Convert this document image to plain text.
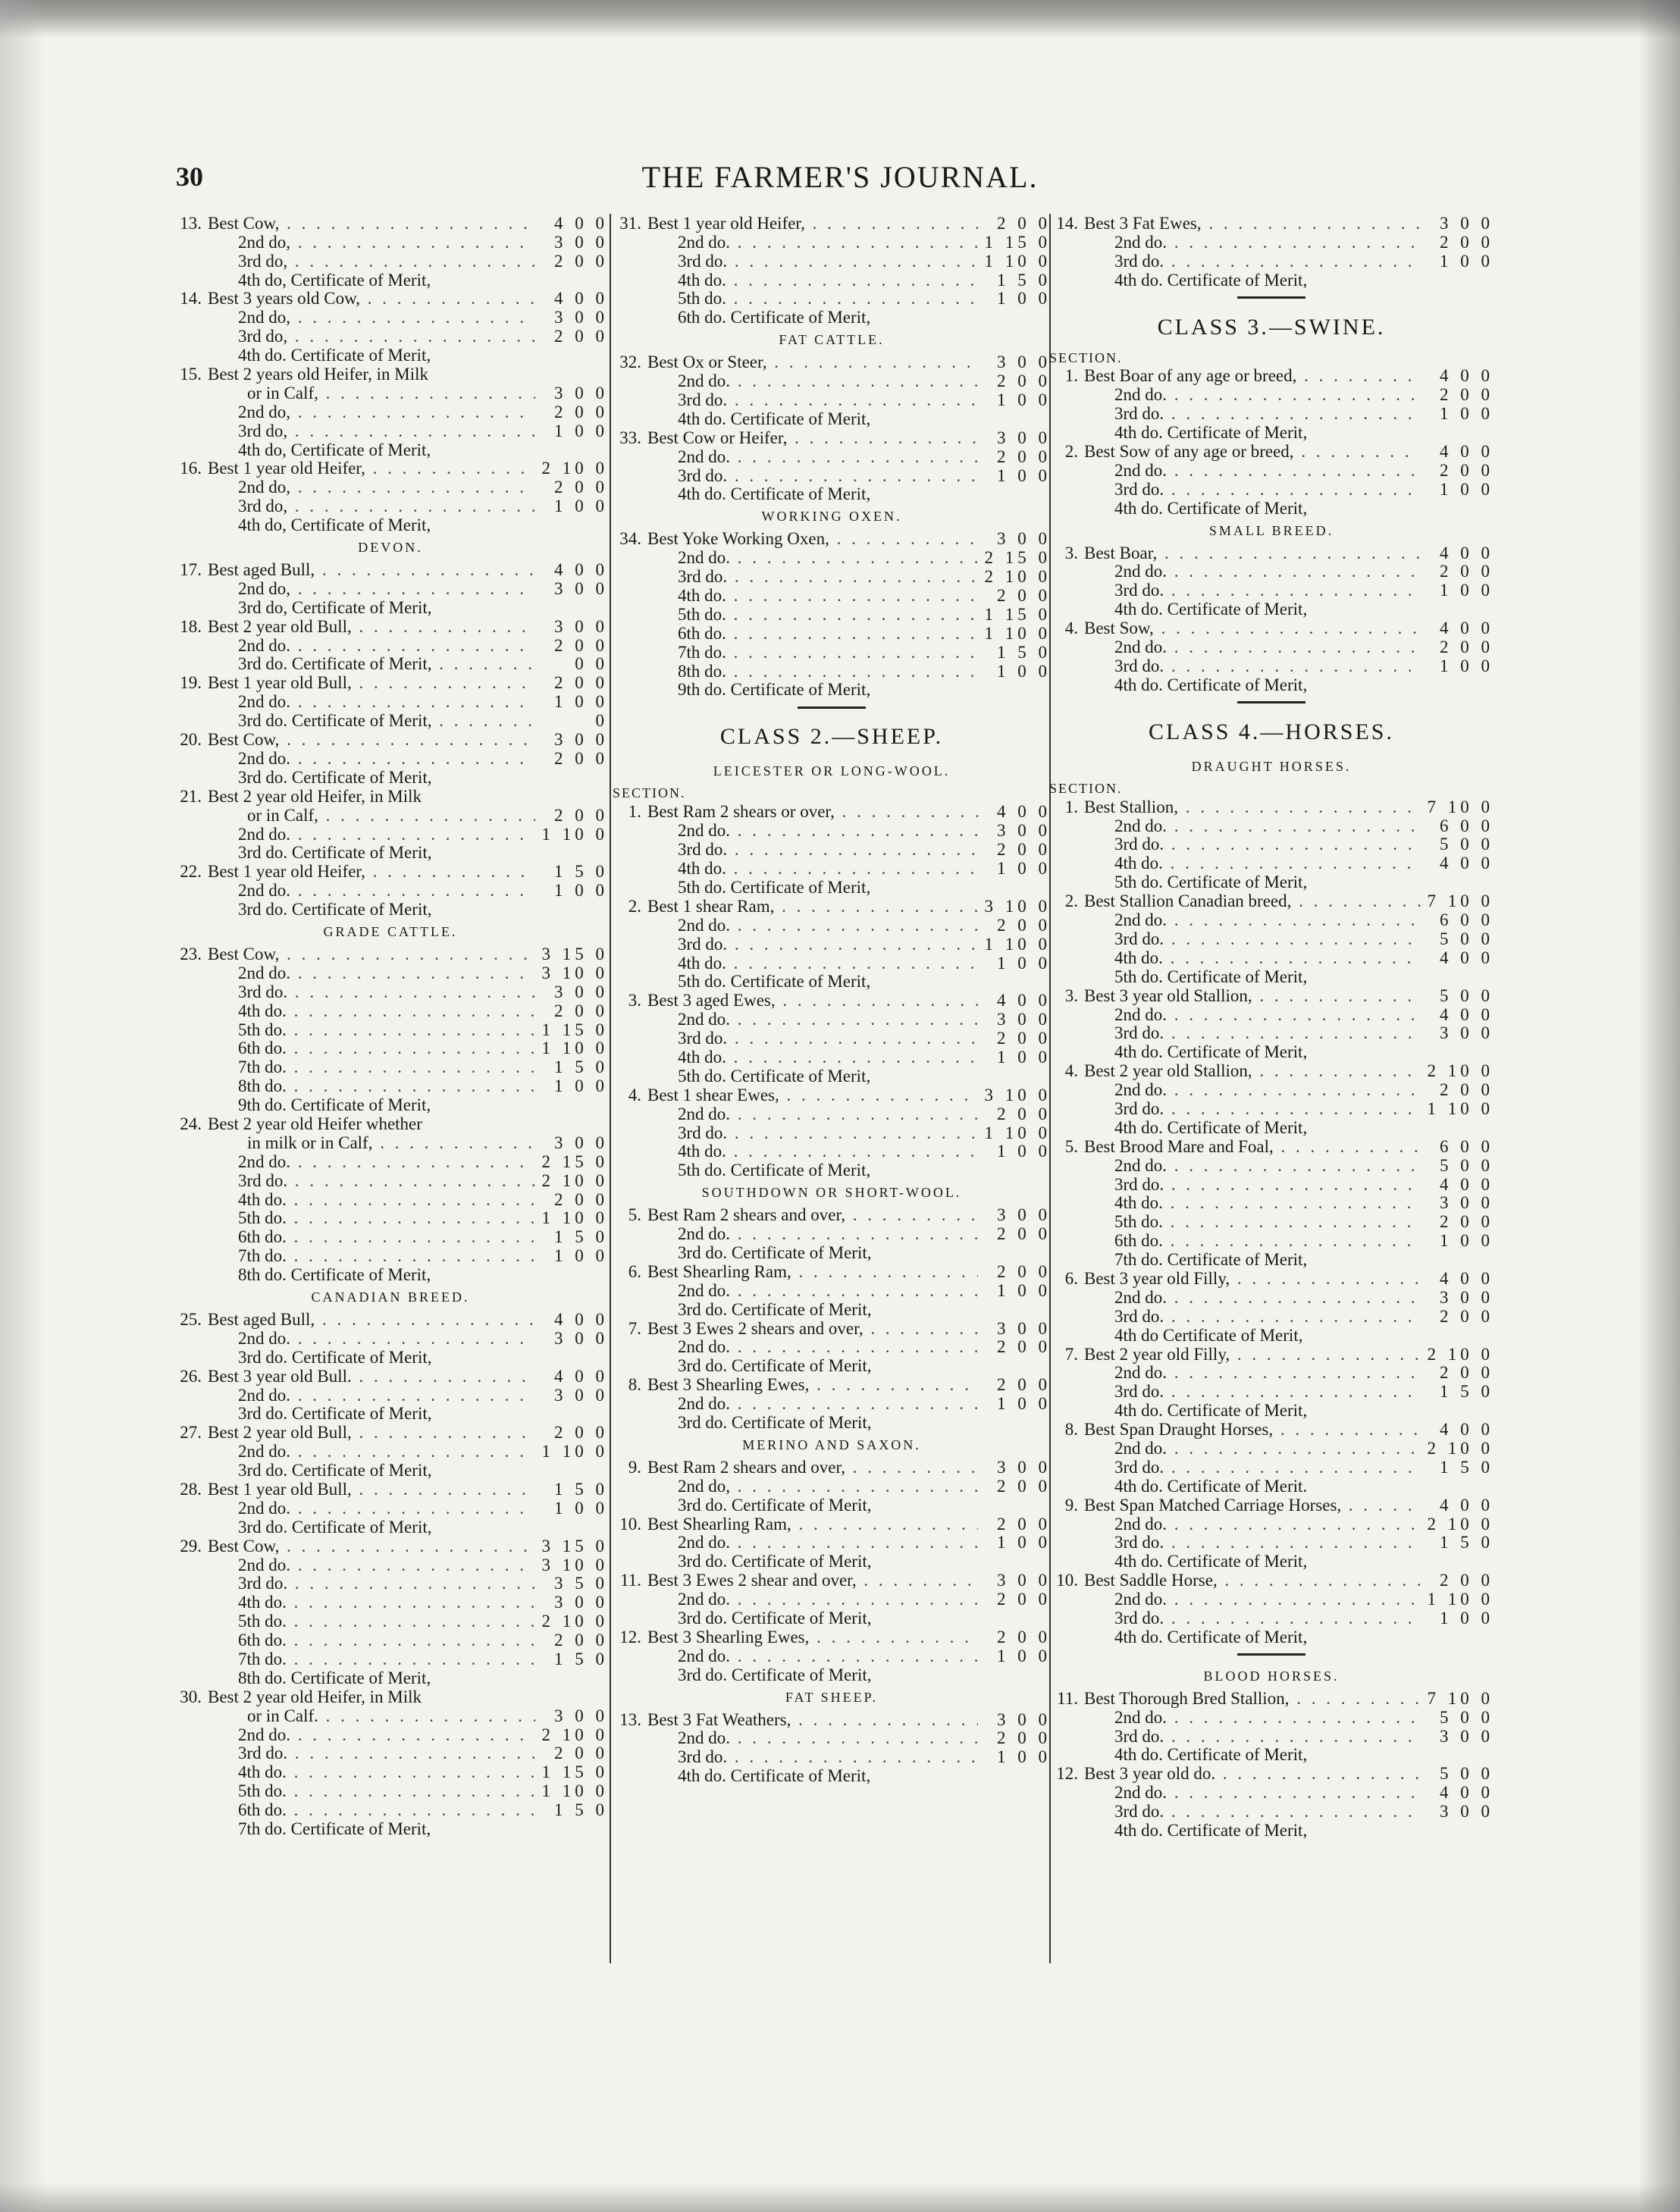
30	THE FARMER'S JOURNAL.
13. Best Cow, . . .	4 0 0
2nd do, . . .	3 0 0
3rd do, . . .	2 0 0
4th do, Certificate of Merit,
14. Best 3 years old Cow, . . .	4 0 0
2nd do, . . .	3 0 0
3rd do, . . .	2 0 0
4th do. Certificate of Merit,
15. Best 2 years old Heifer, in Milk
or in Calf, . . .	3 0 0
2nd do, . . .	2 0 0
3rd do, . . .	1 0 0
4th do, Certificate of Merit,
16. Best 1 year old Heifer, . . .	2 10 0
2nd do, . . .	2 0 0
3rd do, . . .	1 0 0
4th do, Certificate of Merit,
DEVON.
17. Best aged Bull, . . .	4 0 0
2nd do, . . .	3 0 0
3rd do, Certificate of Merit,
18. Best 2 year old Bull, . . .	3 0 0
2nd do. . . .	2 0 0
3rd do. Certificate of Merit, . . .	0 0
19. Best 1 year old Bull, . . .	2 0 0
2nd do. . . .	1 0 0
3rd do. Certificate of Merit, . . .	0
20. Best Cow, . . .	3 0 0
2nd do. . . .	2 0 0
3rd do. Certificate of Merit,
21. Best 2 year old Heifer, in Milk
or in Calf, . . .	2 0 0
2nd do. . . .	1 10 0
3rd do. Certificate of Merit,
22. Best 1 year old Heifer, . . .	1 5 0
2nd do. . . .	1 0 0
3rd do. Certificate of Merit,
GRADE CATTLE.
23. Best Cow, . . .	3 15 0
2nd do. . . .	3 10 0
3rd do. . . .	3 0 0
4th do. . . .	2 0 0
5th do. . . .	1 15 0
6th do. . . .	1 10 0
7th do. . . .	1 5 0
8th do. . . .	1 0 0
9th do. Certificate of Merit,
24. Best 2 year old Heifer whether
in milk or in Calf, . . .	3 0 0
2nd do. . . .	2 15 0
3rd do. . . .	2 10 0
4th do. . . .	2 0 0
5th do. . . .	1 10 0
6th do. . . .	1 5 0
7th do. . . .	1 0 0
8th do. Certificate of Merit,
CANADIAN BREED.
25. Best aged Bull, . . .	4 0 0
2nd do. . . .	3 0 0
3rd do. Certificate of Merit,
26. Best 3 year old Bull. . . .	4 0 0
2nd do. . . .	3 0 0
3rd do. Certificate of Merit,
27. Best 2 year old Bull, . . .	2 0 0
2nd do. . . .	1 10 0
3rd do. Certificate of Merit,
28. Best 1 year old Bull, . . .	1 5 0
2nd do. . . .	1 0 0
3rd do. Certificate of Merit,
29. Best Cow, . . .	3 15 0
2nd do. . . .	3 10 0
3rd do. . . .	3 5 0
4th do. . . .	3 0 0
5th do. . . .	2 10 0
6th do. . . .	2 0 0
7th do. . . .	1 5 0
8th do. Certificate of Merit,
30. Best 2 year old Heifer, in Milk
or in Calf. . . .	3 0 0
2nd do. . . .	2 10 0
3rd do. . . .	2 0 0
4th do. . . .	1 15 0
5th do. . . .	1 10 0
6th do. . . .	1 5 0
7th do. Certificate of Merit,
31. Best 1 year old Heifer, . . .	2 0 0
2nd do. . . .	1 15 0
3rd do. . . .	1 10 0
4th do. . . .	1 5 0
5th do. . . .	1 0 0
6th do. Certificate of Merit,
FAT CATTLE.
32. Best Ox or Steer, . . .	3 0 0
2nd do. . . .	2 0 0
3rd do. . . .	1 0 0
4th do. Certificate of Merit,
33. Best Cow or Heifer, . . .	3 0 0
2nd do. . . .	2 0 0
3rd do. . . .	1 0 0
4th do. Certificate of Merit,
WORKING OXEN.
34. Best Yoke Working Oxen, . . .	3 0 0
2nd do. . . .	2 15 0
3rd do. . . .	2 10 0
4th do. . . .	2 0 0
5th do. . . .	1 15 0
6th do. . . .	1 10 0
7th do. . . .	1 5 0
8th do. . . .	1 0 0
9th do. Certificate of Merit,
CLASS 2.—SHEEP.
LEICESTER OR LONG-WOOL.
SECTION.
1. Best Ram 2 shears or over, . . .	4 0 0
2nd do. . . .	3 0 0
3rd do. . . .	2 0 0
4th do. . . .	1 0 0
5th do. Certificate of Merit,
2. Best 1 shear Ram, . . .	3 10 0
2nd do. . . .	2 0 0
3rd do. . . .	1 10 0
4th do. . . .	1 0 0
5th do. Certificate of Merit,
3. Best 3 aged Ewes, . . .	4 0 0
2nd do. . . .	3 0 0
3rd do. . . .	2 0 0
4th do. . . .	1 0 0
5th do. Certificate of Merit,
4. Best 1 shear Ewes, . . .	3 10 0
2nd do. . . .	2 0 0
3rd do. . . .	1 10 0
4th do. . . .	1 0 0
5th do. Certificate of Merit,
SOUTHDOWN OR SHORT-WOOL.
5. Best Ram 2 shears and over, . . .	3 0 0
2nd do. . . .	2 0 0
3rd do. Certificate of Merit,
6. Best Shearling Ram, . . .	2 0 0
2nd do. . . .	1 0 0
3rd do. Certificate of Merit,
7. Best 3 Ewes 2 shears and over, . . .	3 0 0
2nd do. . . .	2 0 0
3rd do. Certificate of Merit,
8. Best 3 Shearling Ewes, . . .	2 0 0
2nd do. . . .	1 0 0
3rd do. Certificate of Merit,
MERINO AND SAXON.
9. Best Ram 2 shears and over, . . .	3 0 0
2nd do, . . .	2 0 0
3rd do. Certificate of Merit,
10. Best Shearling Ram, . . .	2 0 0
2nd do. . . .	1 0 0
3rd do. Certificate of Merit,
11. Best 3 Ewes 2 shear and over, . . .	3 0 0
2nd do. . . .	2 0 0
3rd do. Certificate of Merit,
12. Best 3 Shearling Ewes, . . .	2 0 0
2nd do. . . .	1 0 0
3rd do. Certificate of Merit,
FAT SHEEP.
13. Best 3 Fat Weathers, . . .	3 0 0
2nd do. . . .	2 0 0
3rd do. . . .	1 0 0
4th do. Certificate of Merit,
14. Best 3 Fat Ewes, . . .	3 0 0
2nd do. . . .	2 0 0
3rd do. . . .	1 0 0
4th do. Certificate of Merit,
CLASS 3.—SWINE.
SECTION.
1. Best Boar of any age or breed, . . .	4 0 0
2nd do. . . .	2 0 0
3rd do. . . .	1 0 0
4th do. Certificate of Merit,
2. Best Sow of any age or breed, . . .	4 0 0
2nd do. . . .	2 0 0
3rd do. . . .	1 0 0
4th do. Certificate of Merit,
SMALL BREED.
3. Best Boar, . . .	4 0 0
2nd do. . . .	2 0 0
3rd do. . . .	1 0 0
4th do. Certificate of Merit,
4. Best Sow, . . .	4 0 0
2nd do. . . .	2 0 0
3rd do. . . .	1 0 0
4th do. Certificate of Merit,
CLASS 4.—HORSES.
DRAUGHT HORSES.
SECTION.
1. Best Stallion, . . .	7 10 0
2nd do. . . .	6 0 0
3rd do. . . .	5 0 0
4th do. . . .	4 0 0
5th do. Certificate of Merit,
2. Best Stallion Canadian breed, . . .	7 10 0
2nd do. . . .	6 0 0
3rd do. . . .	5 0 0
4th do. . . .	4 0 0
5th do. Certificate of Merit,
3. Best 3 year old Stallion, . . .	5 0 0
2nd do. . . .	4 0 0
3rd do. . . .	3 0 0
4th do. Certificate of Merit,
4. Best 2 year old Stallion, . . .	2 10 0
2nd do. . . .	2 0 0
3rd do. . . .	1 10 0
4th do. Certificate of Merit,
5. Best Brood Mare and Foal, . . .	6 0 0
2nd do. . . .	5 0 0
3rd do. . . .	4 0 0
4th do. . . .	3 0 0
5th do. . . .	2 0 0
6th do. . . .	1 0 0
7th do. Certificate of Merit,
6. Best 3 year old Filly, . . .	4 0 0
2nd do. . . .	3 0 0
3rd do. . . .	2 0 0
4th do Certificate of Merit,
7. Best 2 year old Filly, . . .	2 10 0
2nd do. . . .	2 0 0
3rd do. . . .	1 5 0
4th do. Certificate of Merit,
8. Best Span Draught Horses, . . .	4 0 0
2nd do. . . .	2 10 0
3rd do. . . .	1 5 0
4th do. Certificate of Merit.
9. Best Span Matched Carriage Horses, . . .	4 0 0
2nd do. . . .	2 10 0
3rd do. . . .	1 5 0
4th do. Certificate of Merit,
10. Best Saddle Horse, . . .	2 0 0
2nd do. . . .	1 10 0
3rd do. . . .	1 0 0
4th do. Certificate of Merit,
BLOOD HORSES.
11. Best Thorough Bred Stallion, . . .	7 10 0
2nd do. . . .	5 0 0
3rd do. . . .	3 0 0
4th do. Certificate of Merit,
12. Best 3 year old do. . . .	5 0 0
2nd do. . . .	4 0 0
3rd do. . . .	3 0 0
4th do. Certificate of Merit,
